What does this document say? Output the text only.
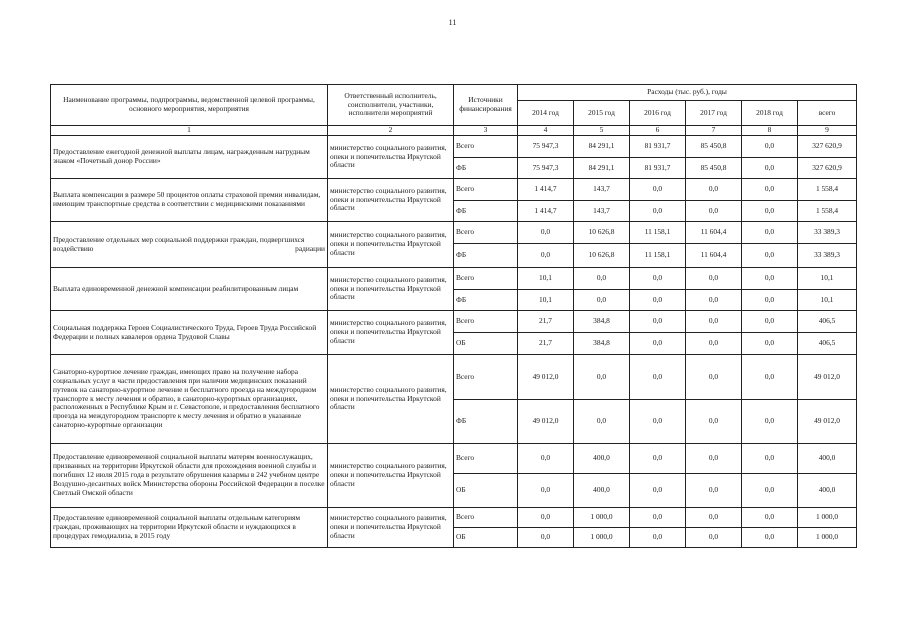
11
Наименование программы, подпрограммы, ведомственной целевой программы, основного мероприятия, мероприятия	Ответственный исполнитель, соисполнители, участники, исполнители мероприятий	Источники финансирования	Расходы (тыс. руб.), годы					
			2014 год	2015 год	2016 год	2017 год	2018 год	всего
1	2	3	4	5	6	7	8	9
Предоставление ежегодной денежной выплаты лицам, награжденным нагрудным знаком «Почетный донор России»	министерство социального развития, опеки и попечительства Иркутской области	Всего	75 947,3	84 291,1	81 931,7	85 450,8	0,0	327 620,9
		ФБ	75 947,3	84 291,1	81 931,7	85 450,8	0,0	327 620,9
Выплата компенсации в размере 50 процентов оплаты страховой премии инвалидам, имеющим транспортные средства в соответствии с медицинскими показаниями	министерство социального развития, опеки и попечительства Иркутской области	Всего	1 414,7	143,7	0,0	0,0	0,0	1 558,4
		ФБ	1 414,7	143,7	0,0	0,0	0,0	1 558,4
Предоставление отдельных мер социальной поддержки граждан, подвергшихся воздействию радиации	министерство социального развития, опеки и попечительства Иркутской области	Всего	0,0	10 626,8	11 158,1	11 604,4	0,0	33 389,3
		ФБ	0,0	10 626,8	11 158,1	11 604,4	0,0	33 389,3
Выплата единовременной денежной компенсации реабилитированным лицам	министерство социального развития, опеки и попечительства Иркутской области	Всего	10,1	0,0	0,0	0,0	0,0	10,1
		ФБ	10,1	0,0	0,0	0,0	0,0	10,1
Социальная поддержка Героев Социалистического Труда, Героев Труда Российской Федерации и полных кавалеров ордена Трудовой Славы	министерство социального развития, опеки и попечительства Иркутской области	Всего	21,7	384,8	0,0	0,0	0,0	406,5
		ОБ	21,7	384,8	0,0	0,0	0,0	406,5
Санаторно-курортное лечение граждан, имеющих право на получение набора социальных услуг в части предоставления при наличии медицинских показаний путевок на санаторно-курортное лечение и бесплатного проезда на междугородном транспорте к месту лечения и обратно, в санаторно-курортных организациях, расположенных в Республике Крым и г. Севастополе, и предоставления бесплатного проезда на междугородном транспорте к месту лечения и обратно в указанные санаторно-курортные организации	министерство социального развития, опеки и попечительства Иркутской области	Всего	49 012,0	0,0	0,0	0,0	0,0	49 012,0
		ФБ	49 012,0	0,0	0,0	0,0	0,0	49 012,0
Предоставление единовременной социальной выплаты матерям военнослужащих, призванных на территории Иркутской области для прохождения военной службы и погибших 12 июля 2015 года в результате обрушения казармы в 242 учебном центре Воздушно-десантных войск Министерства обороны Российской Федерации в поселке Светлый Омской области	министерство социального развития, опеки и попечительства Иркутской области	Всего	0,0	400,0	0,0	0,0	0,0	400,0
		ОБ	0,0	400,0	0,0	0,0	0,0	400,0
Предоставление единовременной социальной выплаты отдельным категориям граждан, проживающих на территории Иркутской области и нуждающихся в процедурах гемодиализа, в 2015 году	министерство социального развития, опеки и попечительства Иркутской области	Всего	0,0	1 000,0	0,0	0,0	0,0	1 000,0
		ОБ	0,0	1 000,0	0,0	0,0	0,0	1 000,0
